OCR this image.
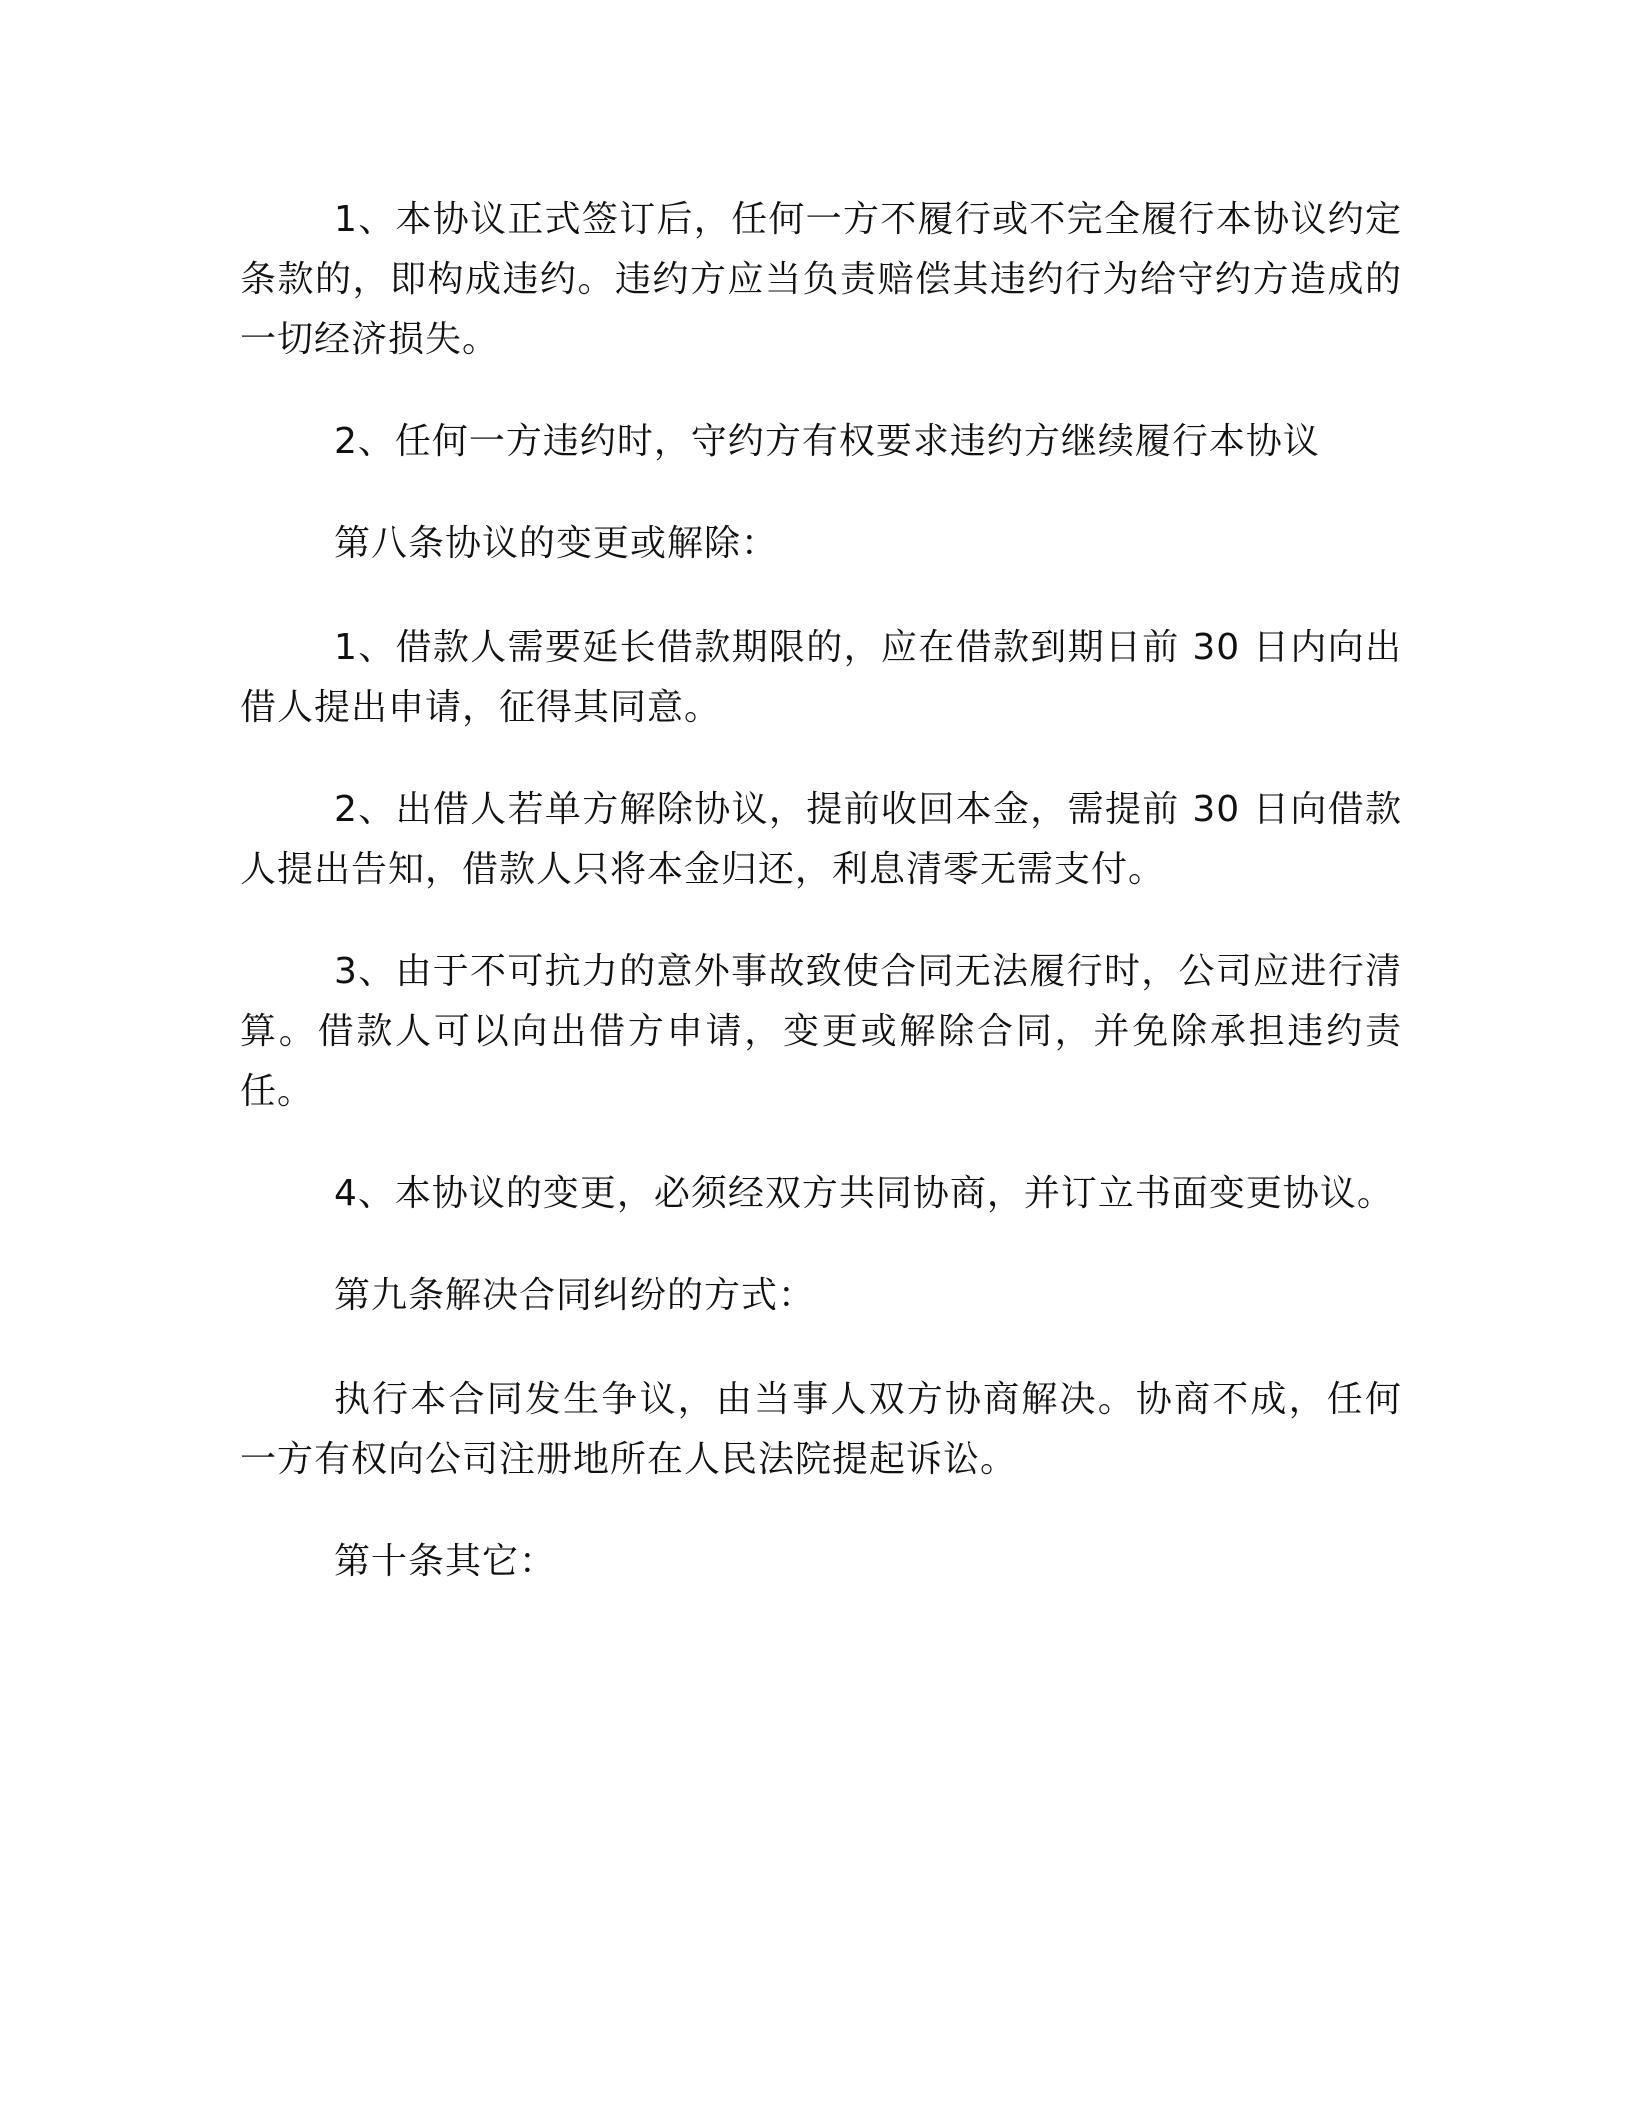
1、本协议正式签订后，任何一方不履行或不完全履行本协议约定条款的，即构成违约。违约方应当负责赔偿其违约行为给守约方造成的一切经济损失。

2、任何一方违约时，守约方有权要求违约方继续履行本协议

第八条协议的变更或解除：

1、借款人需要延长借款期限的，应在借款到期日前 30 日内向出借人提出申请，征得其同意。

2、出借人若单方解除协议，提前收回本金，需提前 30 日向借款人提出告知，借款人只将本金归还，利息清零无需支付。

3、由于不可抗力的意外事故致使合同无法履行时，公司应进行清算。借款人可以向出借方申请，变更或解除合同，并免除承担违约责任。

4、本协议的变更，必须经双方共同协商，并订立书面变更协议。

第九条解决合同纠纷的方式：

执行本合同发生争议，由当事人双方协商解决。协商不成，任何一方有权向公司注册地所在人民法院提起诉讼。

第十条其它：
